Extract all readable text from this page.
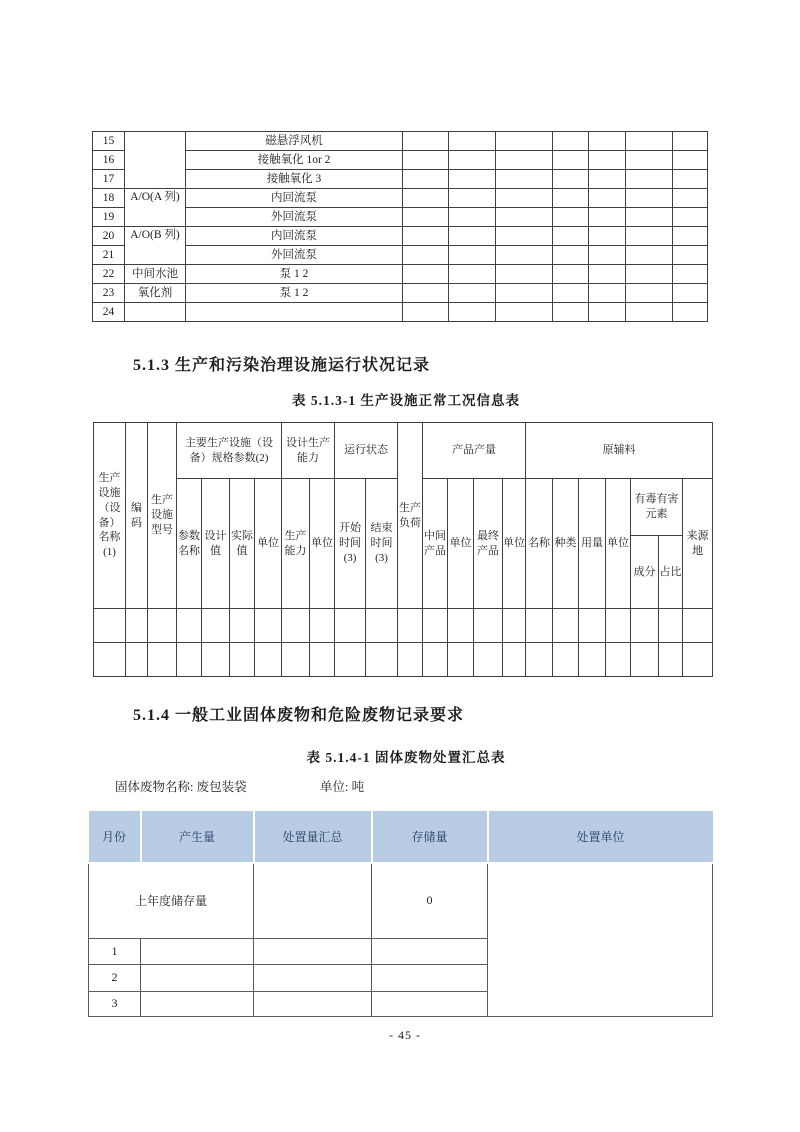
15		磁悬浮风机							
16		接触氧化 1or 2							
17		接触氧化 3							
18	A/O(A 列)	内回流泵							
19		外回流泵							
20	A/O(B 列)	内回流泵							
21		外回流泵							
22	中间水池	泵 1 2							
23	氧化剂	泵 1 2							
24									
5.1.3 生产和污染治理设施运行状况记录
表 5.1.3-1 生产设施正常工况信息表
生产设施（设备）名称(1)	编码	生产设施型号	主要生产设施（设备）规格参数(2)				设计生产能力		运行状态		生产负荷	产品产量				原辅料						
			参数名称	设计值	实际值	单位	生产能力	单位	开始时间(3)	结束时间(3)		中间产品	单位	最终产品	单位	名称	种类	用量	单位	有毒有害元素		来源地
																				成分	占比	

5.1.4 一般工业固体废物和危险废物记录要求
表 5.1.4-1 固体废物处置汇总表
固体废物名称: 废包装袋	单位: 吨
月份	产生量	处置量汇总	存储量	处置单位
上年度储存量			0	
1				
2				
3				
- 45 -
